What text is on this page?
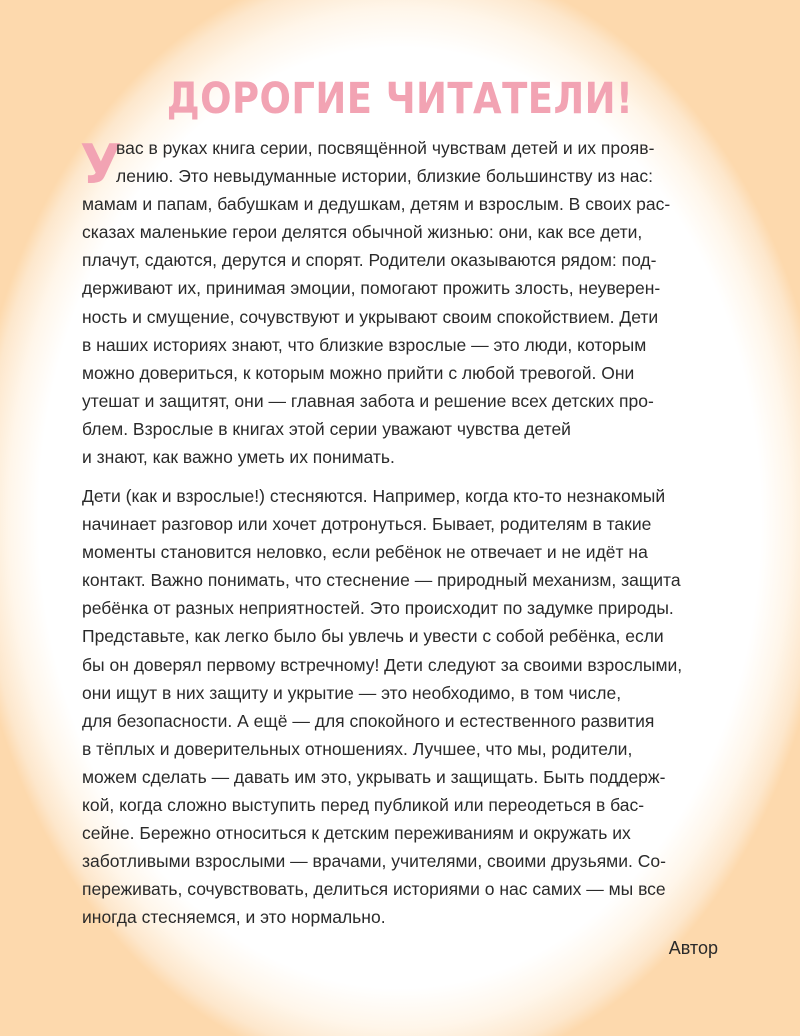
ДОРОГИЕ ЧИТАТЕЛИ!
У

вас в руках книга серии, посвящённой чувствам детей и их прояв-
лению. Это невыдуманные истории, близкие большинству из нас:
мамам и папам, бабушкам и дедушкам, детям и взрослым. В своих рас-
сказах маленькие герои делятся обычной жизнью: они, как все дети,
плачут, сдаются, дерутся и спорят. Родители оказываются рядом: под-
держивают их, принимая эмоции, помогают прожить злость, неуверен-
ность и смущение, сочувствуют и укрывают своим спокойствием. Дети
в наших историях знают, что близкие взрослые — это люди, которым
можно довериться, к которым можно прийти с любой тревогой. Они
утешат и защитят, они — главная забота и решение всех детских про-
блем. Взрослые в книгах этой серии уважают чувства детей
и знают, как важно уметь их понимать.

Дети (как и взрослые!) стесняются. Например, когда кто-то незнакомый
начинает разговор или хочет дотронуться. Бывает, родителям в такие
моменты становится неловко, если ребёнок не отвечает и не идёт на
контакт. Важно понимать, что стеснение — природный механизм, защита
ребёнка от разных неприятностей. Это происходит по задумке природы.
Представьте, как легко было бы увлечь и увести с собой ребёнка, если
бы он доверял первому встречному! Дети следуют за своими взрослыми,
они ищут в них защиту и укрытие — это необходимо, в том числе,
для безопасности. А ещё — для спокойного и естественного развития
в тёплых и доверительных отношениях. Лучшее, что мы, родители,
можем сделать — давать им это, укрывать и защищать. Быть поддерж-
кой, когда сложно выступить перед публикой или переодеться в бас-
сейне. Бережно относиться к детским переживаниям и окружать их
заботливыми взрослыми — врачами, учителями, своими друзьями. Со-
переживать, сочувствовать, делиться историями о нас самих — мы все
иногда стесняемся, и это нормально.

Автор
